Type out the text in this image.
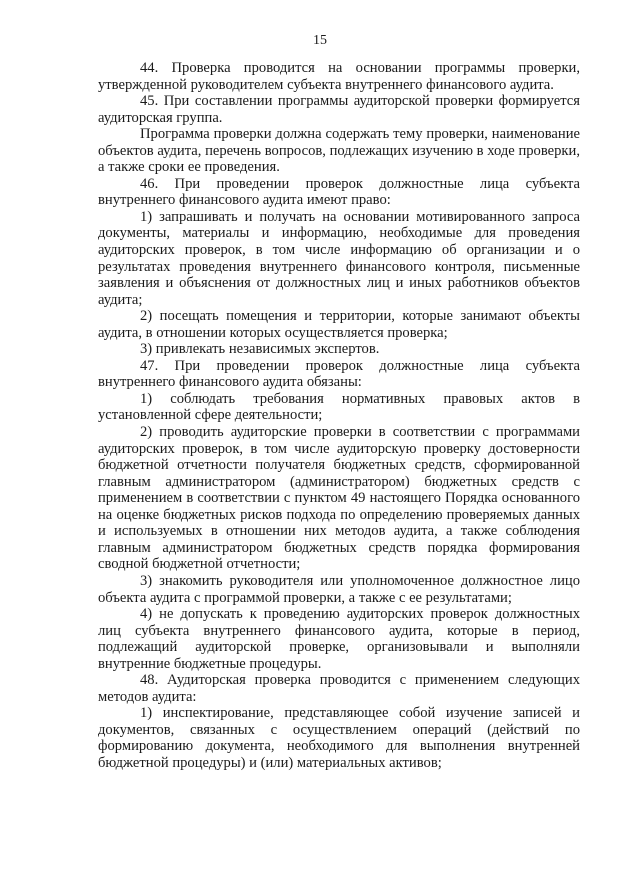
15

44. Проверка проводится на основании программы проверки, утвержденной руководителем субъекта внутреннего финансового аудита.

45. При составлении программы аудиторской проверки формируется аудиторская группа.

Программа проверки должна содержать тему проверки, наименование объектов аудита, перечень вопросов, подлежащих изучению в ходе проверки, а также сроки ее проведения.

46. При проведении проверок должностные лица субъекта внутреннего финансового аудита имеют право:

1) запрашивать и получать на основании мотивированного запроса документы, материалы и информацию, необходимые для проведения аудиторских проверок, в том числе информацию об организации и о результатах проведения внутреннего финансового контроля, письменные заявления и объяснения от должностных лиц и иных работников объектов аудита;

2) посещать помещения и территории, которые занимают объекты аудита, в отношении которых осуществляется проверка;

3) привлекать независимых экспертов.

47. При проведении проверок должностные лица субъекта внутреннего финансового аудита обязаны:

1) соблюдать требования нормативных правовых актов в установленной сфере деятельности;

2) проводить аудиторские проверки в соответствии с программами аудиторских проверок, в том числе аудиторскую проверку достоверности бюджетной отчетности получателя бюджетных средств, сформированной главным администратором (администратором) бюджетных средств с применением в соответствии с пунктом 49 настоящего Порядка основанного на оценке бюджетных рисков подхода по определению проверяемых данных и используемых в отношении них методов аудита, а также соблюдения главным администратором бюджетных средств порядка формирования сводной бюджетной отчетности;

3) знакомить руководителя или уполномоченное должностное лицо объекта аудита с программой проверки, а также с ее результатами;

4) не допускать к проведению аудиторских проверок должностных лиц субъекта внутреннего финансового аудита, которые в период, подлежащий аудиторской проверке, организовывали и выполняли внутренние бюджетные процедуры.

48. Аудиторская проверка проводится с применением следующих методов аудита:

1) инспектирование, представляющее собой изучение записей и документов, связанных с осуществлением операций (действий по формированию документа, необходимого для выполнения внутренней бюджетной процедуры) и (или) материальных активов;
